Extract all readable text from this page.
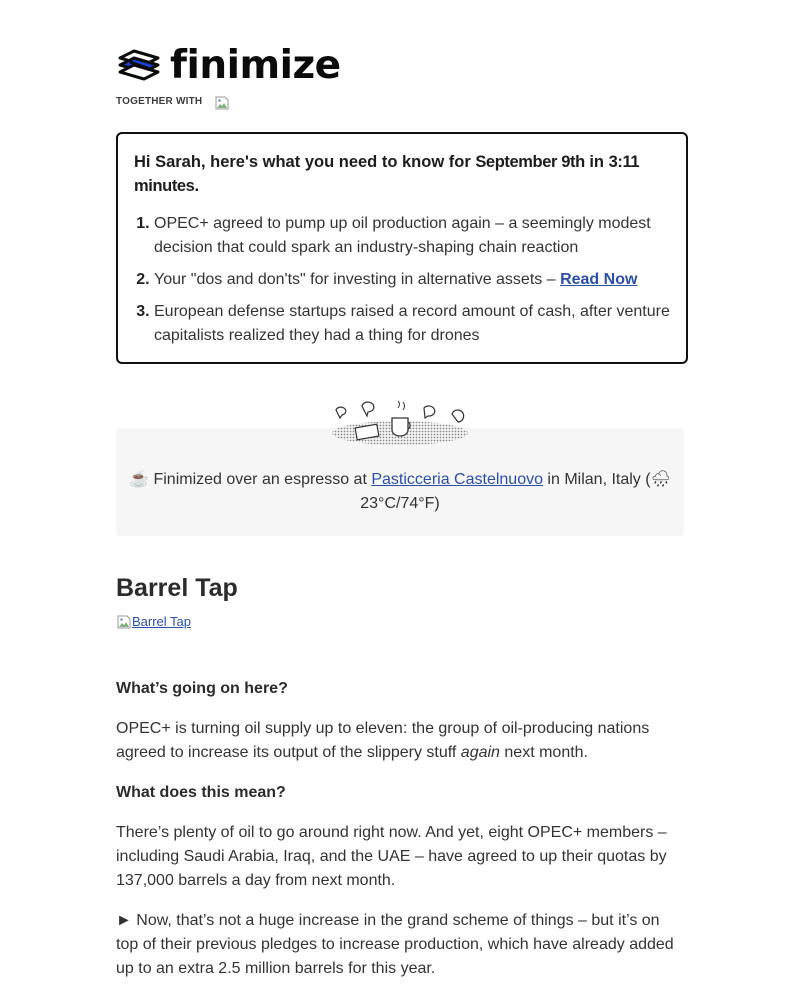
finimize
TOGETHER WITH

Hi Sarah, here's what you need to know for September 9th in 3:11 minutes.

1. OPEC+ agreed to pump up oil production again – a seemingly modest decision that could spark an industry-shaping chain reaction
2. Your "dos and don'ts" for investing in alternative assets – Read Now
3. European defense startups raised a record amount of cash, after venture capitalists realized they had a thing for drones
☕ Finimized over an espresso at Pasticceria Castelnuovo in Milan, Italy (🌧 23°C/74°F)
Barrel Tap
Barrel Tap
What’s going on here?
OPEC+ is turning oil supply up to eleven: the group of oil-producing nations agreed to increase its output of the slippery stuff again next month.
What does this mean?
There’s plenty of oil to go around right now. And yet, eight OPEC+ members – including Saudi Arabia, Iraq, and the UAE – have agreed to up their quotas by 137,000 barrels a day from next month.
► Now, that’s not a huge increase in the grand scheme of things – but it’s on top of their previous pledges to increase production, which have already added up to an extra 2.5 million barrels for this year.
